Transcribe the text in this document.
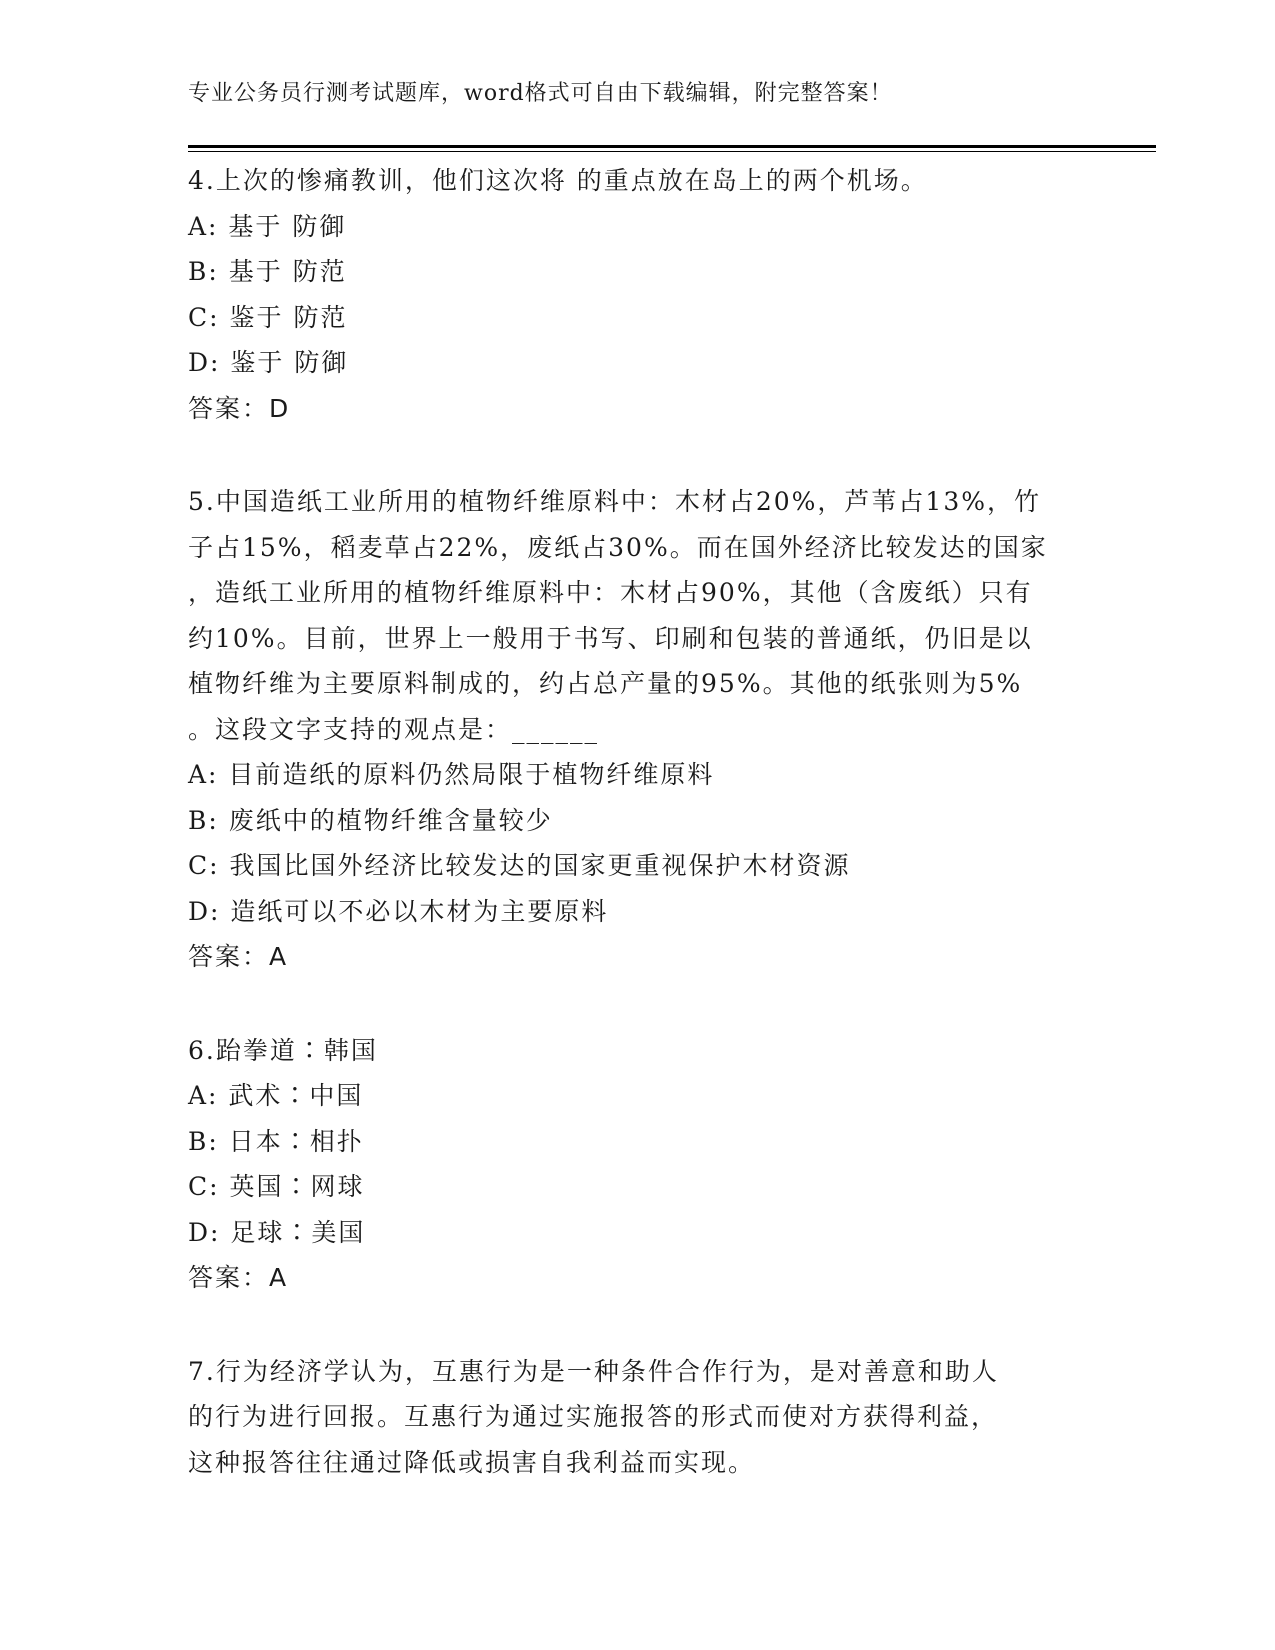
专业公务员行测考试题库，word格式可自由下载编辑，附完整答案！

4.上次的惨痛教训，他们这次将 的重点放在岛上的两个机场。

A: 基于 防御

B: 基于 防范

C: 鉴于 防范

D: 鉴于 防御

答案：D

5.中国造纸工业所用的植物纤维原料中：木材占20%，芦苇占13%，竹

子占15%，稻麦草占22%，废纸占30%。而在国外经济比较发达的国家

，造纸工业所用的植物纤维原料中：木材占90%，其他（含废纸）只有

约10%。目前，世界上一般用于书写、印刷和包装的普通纸，仍旧是以

植物纤维为主要原料制成的，约占总产量的95%。其他的纸张则为5%

。这段文字支持的观点是：______

A: 目前造纸的原料仍然局限于植物纤维原料

B: 废纸中的植物纤维含量较少

C: 我国比国外经济比较发达的国家更重视保护木材资源

D: 造纸可以不必以木材为主要原料

答案：A

6.跆拳道∶韩国

A: 武术∶中国

B: 日本∶相扑

C: 英国∶网球

D: 足球∶美国

答案：A

7.行为经济学认为，互惠行为是一种条件合作行为，是对善意和助人

的行为进行回报。互惠行为通过实施报答的形式而使对方获得利益，

这种报答往往通过降低或损害自我利益而实现。
